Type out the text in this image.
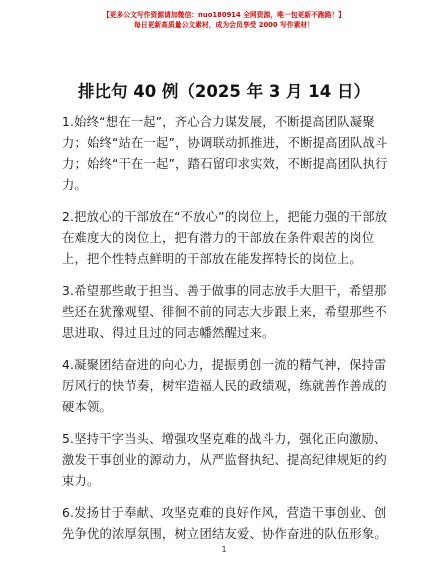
【更多公文写作资源请加微信：nuo180914 全网资源，唯一包更新不跑路！】
每日更新高质量公文素材，成为会员享受 2000 写作素材！
排比句 40 例（2025 年 3 月 14 日）

1.始终“想在一起”，齐心合力谋发展，不断提高团队凝聚力；始终“站在一起”，协调联动抓推进，不断提高团队战斗力；始终“干在一起”，踏石留印求实效，不断提高团队执行力。

2.把放心的干部放在“不放心”的岗位上，把能力强的干部放在难度大的岗位上，把有潜力的干部放在条件艰苦的岗位上，把个性特点鲜明的干部放在能发挥特长的岗位上。

3.希望那些敢于担当、善于做事的同志放手大胆干，希望那些还在犹豫观望、徘徊不前的同志大步跟上来，希望那些不思进取、得过且过的同志幡然醒过来。

4.凝聚团结奋进的向心力，提振勇创一流的精气神，保持雷厉风行的快节奏，树牢造福人民的政绩观，练就善作善成的硬本领。

5.坚持干字当头、增强攻坚克难的战斗力，强化正向激励、激发干事创业的源动力，从严监督执纪、提高纪律规矩的约束力。

6.发扬甘于奉献、攻坚克难的良好作风，营造干事创业、创先争优的浓厚氛围，树立团结友爱、协作奋进的队伍形象。

1
